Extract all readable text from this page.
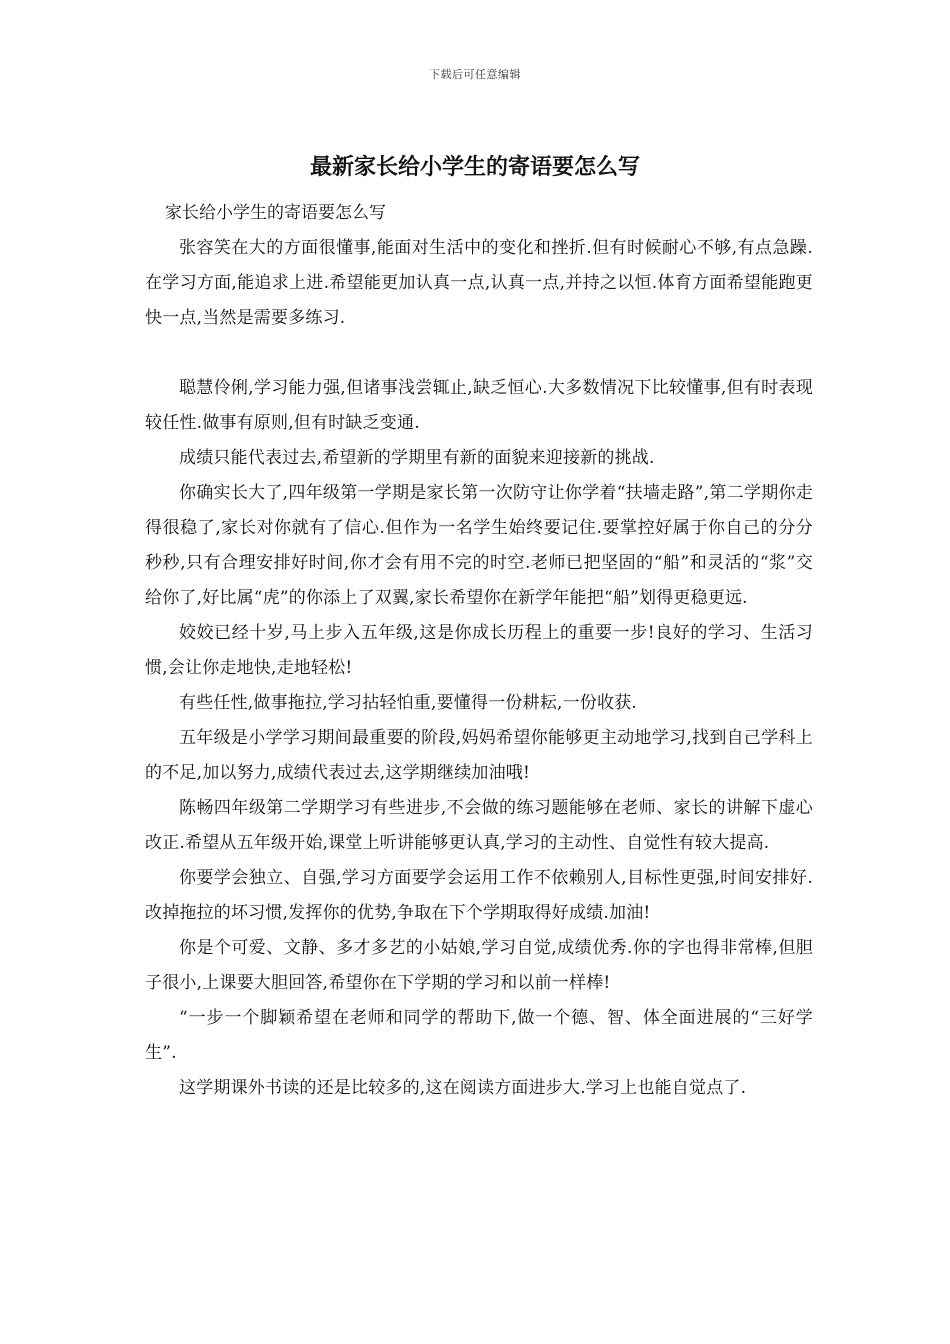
下载后可任意编辑
最新家长给小学生的寄语要怎么写

家长给小学生的寄语要怎么写

张容笑在大的方面很懂事,能面对生活中的变化和挫折.但有时候耐心不够,有点急躁.在学习方面,能追求上进.希望能更加认真一点,认真一点,并持之以恒.体育方面希望能跑更快一点,当然是需要多练习.

聪慧伶俐,学习能力强,但诸事浅尝辄止,缺乏恒心.大多数情况下比较懂事,但有时表现较任性.做事有原则,但有时缺乏变通.

成绩只能代表过去,希望新的学期里有新的面貌来迎接新的挑战.

你确实长大了,四年级第一学期是家长第一次防守让你学着“扶墙走路”,第二学期你走得很稳了,家长对你就有了信心.但作为一名学生始终要记住.要掌控好属于你自己的分分秒秒,只有合理安排好时间,你才会有用不完的时空.老师已把坚固的“船”和灵活的“浆”交给你了,好比属“虎”的你添上了双翼,家长希望你在新学年能把“船”划得更稳更远.

姣姣已经十岁,马上步入五年级,这是你成长历程上的重要一步!良好的学习、生活习惯,会让你走地快,走地轻松!

有些任性,做事拖拉,学习拈轻怕重,要懂得一份耕耘,一份收获.

五年级是小学学习期间最重要的阶段,妈妈希望你能够更主动地学习,找到自己学科上的不足,加以努力,成绩代表过去,这学期继续加油哦!

陈畅四年级第二学期学习有些进步,不会做的练习题能够在老师、家长的讲解下虚心改正.希望从五年级开始,课堂上听讲能够更认真,学习的主动性、自觉性有较大提高.

你要学会独立、自强,学习方面要学会运用工作不依赖别人,目标性更强,时间安排好.改掉拖拉的坏习惯,发挥你的优势,争取在下个学期取得好成绩.加油!

你是个可爱、文静、多才多艺的小姑娘,学习自觉,成绩优秀.你的字也得非常棒,但胆子很小,上课要大胆回答,希望你在下学期的学习和以前一样棒!

“一步一个脚颖希望在老师和同学的帮助下,做一个德、智、体全面进展的“三好学生”.

这学期课外书读的还是比较多的,这在阅读方面进步大.学习上也能自觉点了.
